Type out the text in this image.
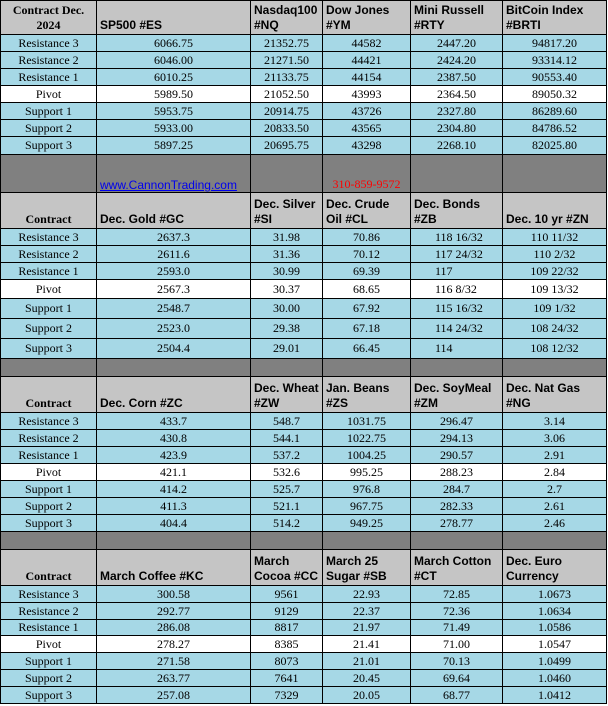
Contract Dec. 2024	SP500 #ES	Nasdaq100 #NQ	Dow Jones #YM	Mini Russell #RTY	BitCoin Index #BRTI
Resistance 3	6066.75	21352.75	44582	2447.20	94817.20
Resistance 2	6046.00	21271.50	44421	2424.20	93314.12
Resistance 1	6010.25	21133.75	44154	2387.50	90553.40
Pivot	5989.50	21052.50	43993	2364.50	89050.32
Support 1	5953.75	20914.75	43726	2327.80	86289.60
Support 2	5933.00	20833.50	43565	2304.80	84786.52
Support 3	5897.25	20695.75	43298	2268.10	82025.80
	www.CannonTrading.com		310-859-9572		
Contract	Dec. Gold #GC	Dec. Silver #SI	Dec. Crude Oil #CL	Dec. Bonds #ZB	Dec. 10 yr #ZN
Resistance 3	2637.3	31.98	70.86	118 16/32	110 11/32
Resistance 2	2611.6	31.36	70.12	117 24/32	110 2/32
Resistance 1	2593.0	30.99	69.39	117	109 22/32
Pivot	2567.3	30.37	68.65	116 8/32	109 13/32
Support 1	2548.7	30.00	67.92	115 16/32	109 1/32
Support 2	2523.0	29.38	67.18	114 24/32	108 24/32
Support 3	2504.4	29.01	66.45	114	108 12/32

Contract	Dec. Corn #ZC	Dec. Wheat #ZW	Jan. Beans #ZS	Dec. SoyMeal #ZM	Dec. Nat Gas #NG
Resistance 3	433.7	548.7	1031.75	296.47	3.14
Resistance 2	430.8	544.1	1022.75	294.13	3.06
Resistance 1	423.9	537.2	1004.25	290.57	2.91
Pivot	421.1	532.6	995.25	288.23	2.84
Support 1	414.2	525.7	976.8	284.7	2.7
Support 2	411.3	521.1	967.75	282.33	2.61
Support 3	404.4	514.2	949.25	278.77	2.46

Contract	March Coffee #KC	March Cocoa #CC	March 25 Sugar #SB	March Cotton #CT	Dec. Euro Currency
Resistance 3	300.58	9561	22.93	72.85	1.0673
Resistance 2	292.77	9129	22.37	72.36	1.0634
Resistance 1	286.08	8817	21.97	71.49	1.0586
Pivot	278.27	8385	21.41	71.00	1.0547
Support 1	271.58	8073	21.01	70.13	1.0499
Support 2	263.77	7641	20.45	69.64	1.0460
Support 3	257.08	7329	20.05	68.77	1.0412
